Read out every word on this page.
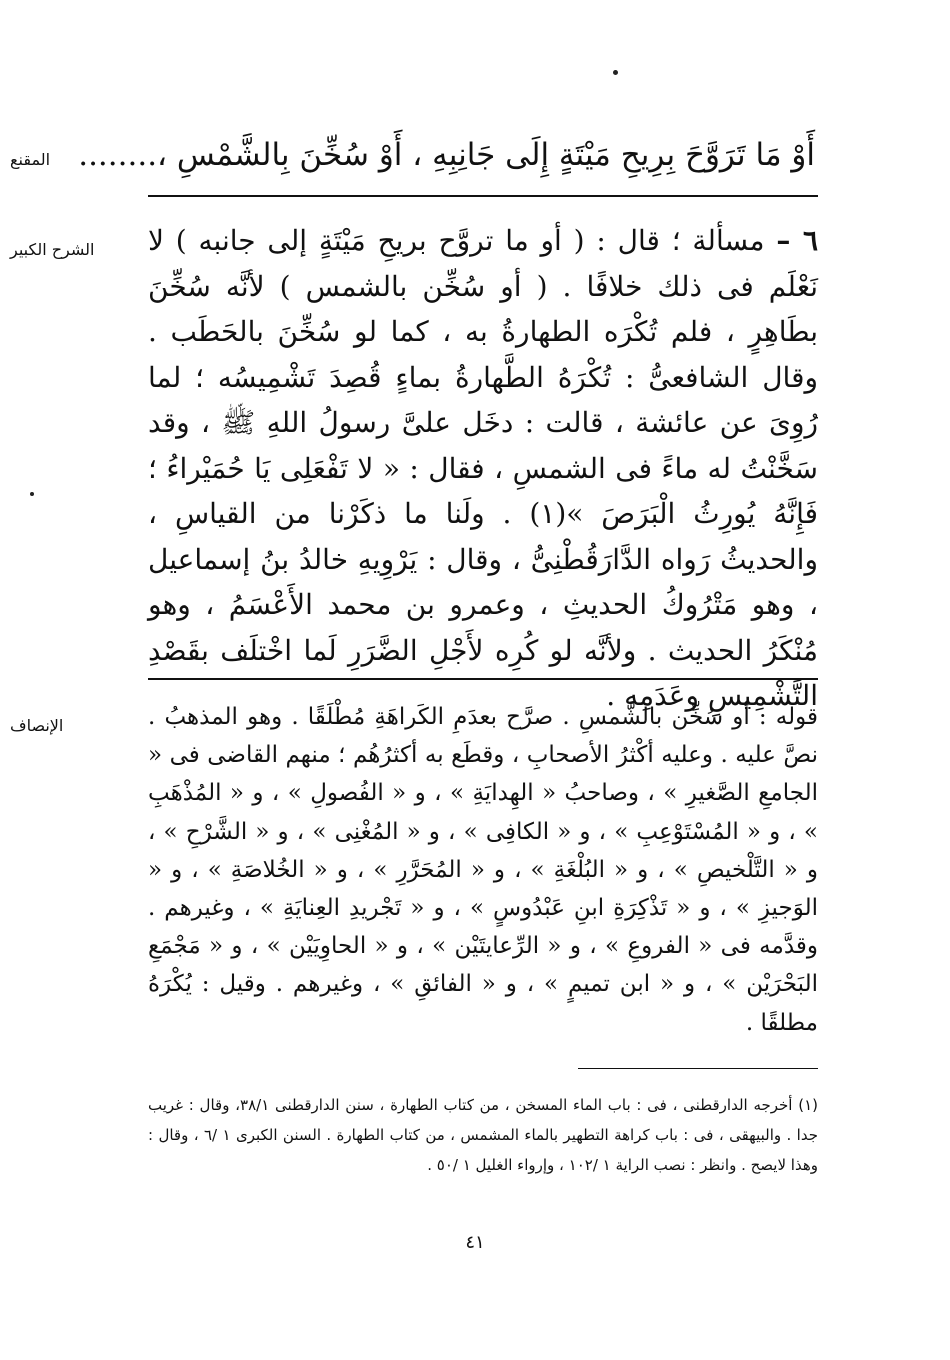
المقنع أَوْ مَا تَرَوَّحَ بِرِيحِ مَيْتَةٍ إِلَى جَانِبِهِ ، أَوْ سُخِّنَ بِالشَّمْسِ ،........
الشرح الكبير	٦ – مسألة ؛ قال : ( أو ما تروَّح بريحِ مَيْتَةٍ إلى جانبه ) لا نَعْلَم فى ذلك خلافًا . ( أو سُخِّن بالشمس ) لأنَّه سُخِّنَ بطَاهِرٍ ، فلم تُكْرَه الطهارةُ به ، كما لو سُخِّنَ بالحَطَب . وقال الشافعىُّ : تُكْرَهُ الطَّهارةُ بماءٍ قُصِدَ تَشْمِيسُه ؛ لما رُوِىَ عن عائشة ، قالت : دخَل علىَّ رسولُ اللهِ ﷺ ، وقد سَخَّنْتُ له ماءً فى الشمسِ ، فقال : « لا تَفْعَلِى يَا حُمَيْراءُ ؛ فَإِنَّهُ يُورِثُ الْبَرَصَ »(١) . ولَنا ما ذكَرْنا من القياسِ ، والحديثُ رَواه الدَّارَقُطْنِىُّ ، وقال : يَرْوِيهِ خالدُ بنُ إسماعيل ، وهو مَتْرُوكُ الحديثِ ، وعمرو بن محمد الأَعْسَمُ ، وهو مُنْكَرُ الحديث . ولأنَّه لو كُرِه لأَجْلِ الضَّرَرِ لَما اخْتلَف بقَصْدِ التَّشْمِيسِ وعَدَمِه .
الإنصاف	قوله : أو سُخِّن بالشَّمسِ . صرَّح بعدَمِ الكَراهَةِ مُطْلَقًا . وهو المذهبُ . نصَّ عليه . وعليه أكْثرُ الأصحابِ ، وقطَع به أكثرُهُم ؛ منهم القاضى فى « الجامعِ الصَّغيرِ » ، وصاحبُ « الهِدايَةِ » ، و « الفُصولِ » ، و « المُذْهَبِ » ، و « المُسْتَوْعِبِ » ، و « الكافِى » ، و « المُغْنِى » ، و « الشَّرْحِ » ، و « التَّلْخيصِ » ، و « البُلْغَةِ » ، و « المُحَرَّرِ » ، و « الخُلاصَةِ » ، و « الوَجيزِ » ، و « تَذْكِرَةِ ابنِ عَبْدُوسٍ » ، و « تَجْريدِ العِنايَةِ » ، وغيرهم . وقدَّمه فى « الفروعِ » ، و « الرِّعايتَيْن » ، و « الحاوِيَيْن » ، و « مَجْمَعِ البَحْرَيْن » ، و « ابن تميمٍ » ، و « الفائقِ » ، وغيرهم . وقيل : يُكْرَهُ مطلقًا .
(١) أخرجه الدارقطنى ، فى : باب الماء المسخن ، من كتاب الطهارة ، سنن الدارقطنى ٣٨/١، وقال : غريب جدا . والبيهقى ، فى : باب كراهة التطهير بالماء المشمس ، من كتاب الطهارة . السنن الكبرى ١ /٦ ، وقال : وهذا لايصح . وانظر : نصب الراية ١ /١٠٢ ، وإرواء الغليل ١ /٥٠ .
٤١
